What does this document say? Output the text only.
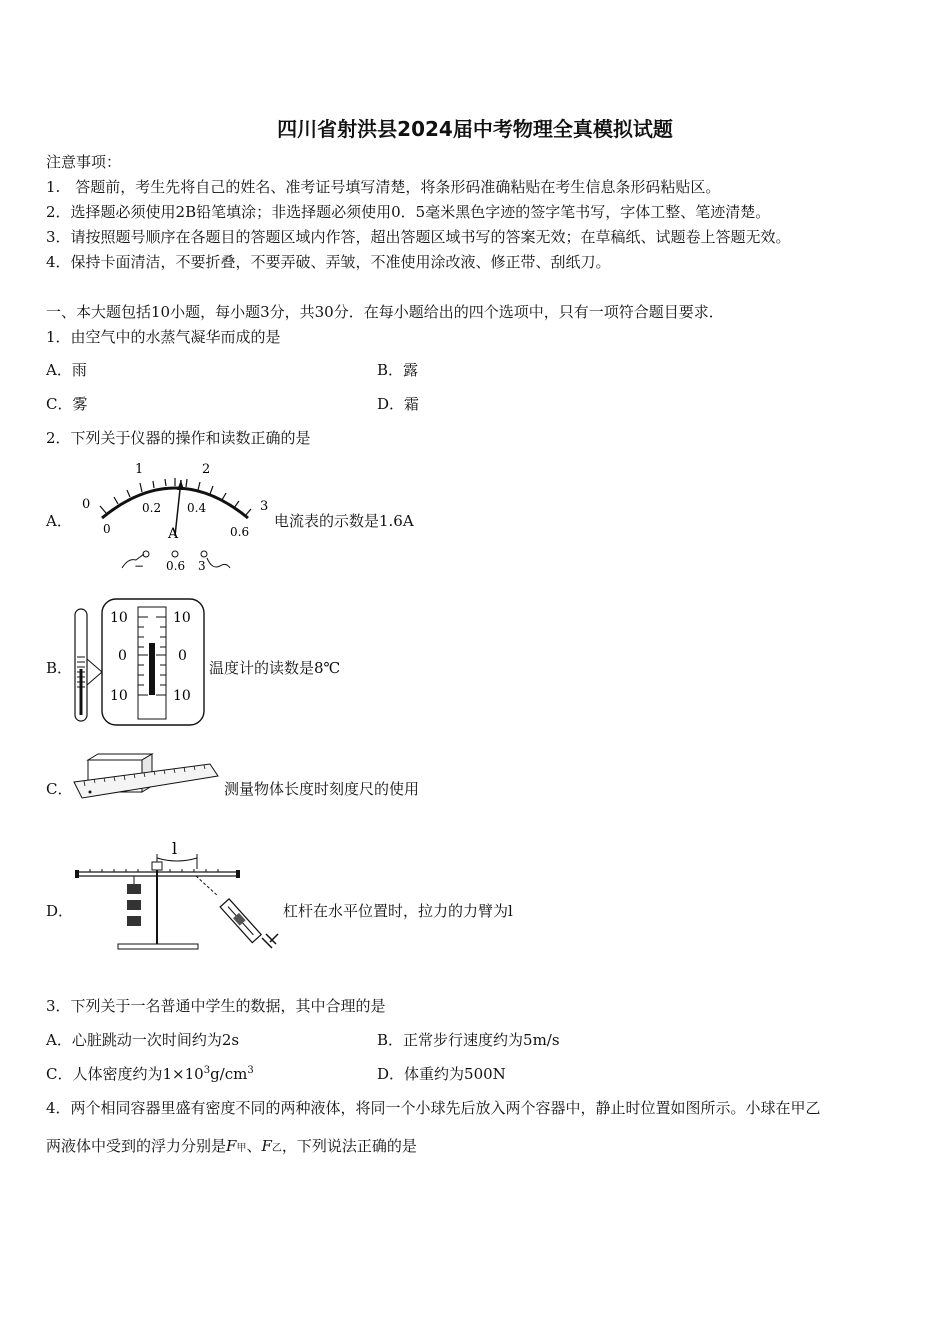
四川省射洪县2024届中考物理全真模拟试题
注意事项：
1.　答题前，考生先将自己的姓名、准考证号填写清楚，将条形码准确粘贴在考生信息条形码粘贴区。
2．选择题必须使用2B铅笔填涂；非选择题必须使用0．5毫米黑色字迹的签字笔书写，字体工整、笔迹清楚。
3．请按照题号顺序在各题目的答题区域内作答，超出答题区域书写的答案无效；在草稿纸、试题卷上答题无效。
4．保持卡面清洁，不要折叠，不要弄破、弄皱，不准使用涂改液、修正带、刮纸刀。
一、本大题包括10小题，每小题3分，共30分．在每小题给出的四个选项中，只有一项符合题目要求．
1．由空气中的水蒸气凝华而成的是
A．雨	B．露
C．雾	D．霜
2．下列关于仪器的操作和读数正确的是
A．
0
1	2
3
0
0.2 0.4
0.6
A
− 0.6 3
电流表的示数是1.6A
B．
10
0
10
10
0
10
温度计的读数是8℃
C．	测量物体长度时刻度尺的使用
D．
l
杠杆在水平位置时，拉力的力臂为l
3．下列关于一名普通中学生的数据，其中合理的是
A．心脏跳动一次时间约为2s	B．正常步行速度约为5m/s
C．人体密度约为$1\times 10^3g/cm^3$	D．体重约为500N
4．两个相同容器里盛有密度不同的两种液体，将同一个小球先后放入两个容器中，静止时位置如图所示。小球在甲乙
两液体中受到的浮力分别是F甲、F乙，下列说法正确的是
